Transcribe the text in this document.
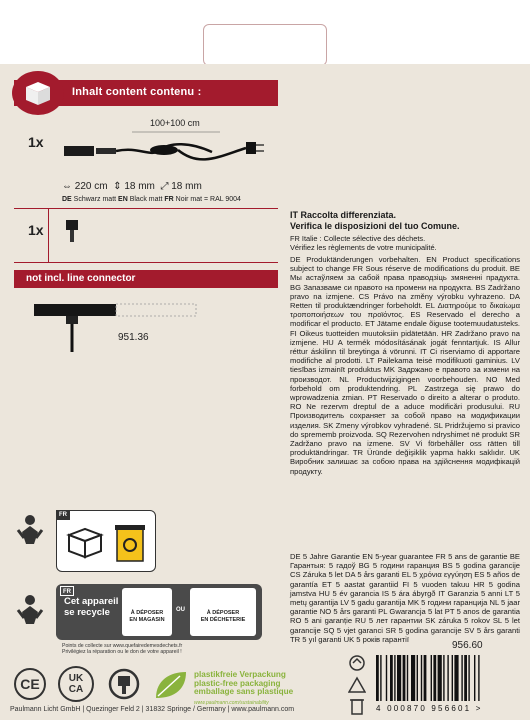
Inhalt content contenu :
1x
100+100 cm
⇔ 220 cm ⇕ 18 mm ⤢ 18 mm
DE Schwarz matt EN Black matt FR Noir mat = RAL 9004
1x
not incl. line connector
951.36
IT Raccolta differenziata.
Verifica le disposizioni del tuo Comune.
FR Italie : Collecte sélective des déchets.
Vérifiez les règlements de votre municipalité.
DE Produktänderungen vorbehalten. EN Product specifications subject to change FR Sous réserve de modifications du produit. BE Мы астаўляем за сабой права праводзіць змяненні прадукта. BG Запазваме си правото на промени на продукта. BS Zadržano pravo na izmjene. CS Právo na změny výrobku vyhrazeno. DA Retten til produktændringer forbeholdt. EL Διατηρούμε το δικαίωμα τροποποιήσεων του προϊόντος. ES Reservado el derecho a modificar el producto. ET Jätame endale õiguse tootemuudatusteks. FI Oikeus tuotteiden muutoksiin pidätetään. HR Zadržano pravo na izmjene. HU A termék módosításának jogát fenntartjuk. IS Allur réttur áskilinn til breytinga á vörunni. IT Ci riserviamo di apportare modifiche al prodotti. LT Pailekama teisė modifikuoti gaminius. LV tiesības izmainīt produktus MK Задржано е правото за измени на производот. NL Productwijzigingen voorbehouden. NO Med forbehold om produktendring. PL Zastrzega się prawo do wprowadzenia zmian. PT Reservado o direito a alterar o produto. RO Ne rezervm dreptul de a aduce modificări produsului. RU Производитель сохраняет за собой право на модификации изделия. SK Zmeny výrobkov vyhradené. SL Pridržujemo si pravico do sprememb proizvoda. SQ Rezervohen ndryshimet në produkt SR Zadržano pravo na izmene. SV Vi förbehåller oss rätten till produktändringar. TR Üründe değişiklik yapma hakkı saklıdır. UK Виробник залишає за собою права на здійснення модифікацій продукту.
DE 5 Jahre Garantie EN 5-year guarantee FR 5 ans de garantie BE Гарантыя: 5 гадоў BG 5 години гаранция BS 5 godina garancije CS Záruka 5 let DA 5 års garanti EL 5 χρόνια εγγύηση ES 5 años de garantía ET 5 aastat garantiid FI 5 vuoden takuu HR 5 godina jamstva HU 5 év garancia IS 5 ára ábyrgð IT Garanzia 5 anni LT 5 metų garantija LV 5 gadu garantija MK 5 години гаранција NL 5 jaar garantie NO 5 års garanti PL Gwarancja 5 lat PT 5 anos de garantia RO 5 ani garanție RU 5 лет гарантии SK záruka 5 rokov SL 5 let garancije SQ 5 vjet garanci SR 5 godina garancije SV 5 års garanti TR 5 yıl garanti UK 5 років гарантії
FR
FR
Cet appareil
se recycle	À DÉPOSER
EN MAGASIN
OU	À DÉPOSER
EN DÉCHETERIE
Points de collecte sur www.quefairedemesdechets.fr
Privilégiez la réparation ou le don de votre appareil !
CE	UK
CA
plastikfreie Verpackung
plastic-free packaging
emballage sans plastique
www.paulmann.com/sustainability
956.60
4 000870 956601 >
Paulmann Licht GmbH | Quezinger Feld 2 | 31832 Springe / Germany | www.paulmann.com
